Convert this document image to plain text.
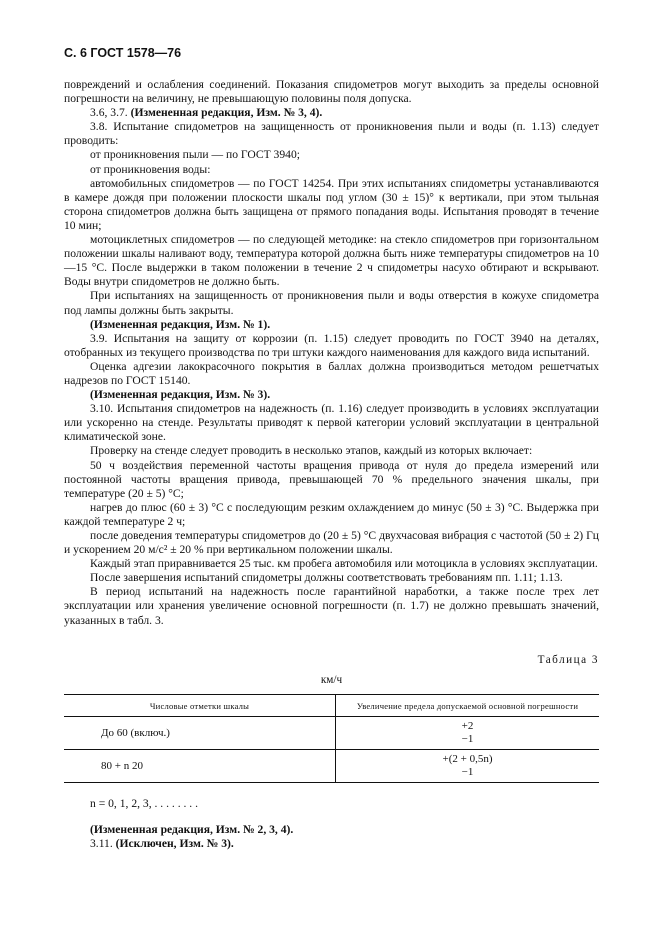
С. 6 ГОСТ 1578—76

повреждений и ослабления соединений. Показания спидометров могут выходить за пределы основной погрешности на величину, не превышающую половины поля допуска.

3.6, 3.7. (Измененная редакция, Изм. № 3, 4).

3.8. Испытание спидометров на защищенность от проникновения пыли и воды (п. 1.13) следует проводить:

от проникновения пыли — по ГОСТ 3940;

от проникновения воды:

автомобильных спидометров — по ГОСТ 14254. При этих испытаниях спидометры устанавливаются в камере дождя при положении плоскости шкалы под углом (30 ± 15)° к вертикали, при этом тыльная сторона спидометров должна быть защищена от прямого попадания воды. Испытания проводят в течение 10 мин;

мотоциклетных спидометров — по следующей методике: на стекло спидометров при горизонтальном положении шкалы наливают воду, температура которой должна быть ниже температуры спидометров на 10—15 °С. После выдержки в таком положении в течение 2 ч спидометры насухо обтирают и вскрывают. Воды внутри спидометров не должно быть.

При испытаниях на защищенность от проникновения пыли и воды отверстия в кожухе спидометра под лампы должны быть закрыты.

(Измененная редакция, Изм. № 1).

3.9. Испытания на защиту от коррозии (п. 1.15) следует проводить по ГОСТ 3940 на деталях, отобранных из текущего производства по три штуки каждого наименования для каждого вида испытаний.

Оценка адгезии лакокрасочного покрытия в баллах должна производиться методом решетчатых надрезов по ГОСТ 15140.

(Измененная редакция, Изм. № 3).

3.10. Испытания спидометров на надежность (п. 1.16) следует производить в условиях эксплуатации или ускоренно на стенде. Результаты приводят к первой категории условий эксплуатации в центральной климатической зоне.

Проверку на стенде следует проводить в несколько этапов, каждый из которых включает:

50 ч воздействия переменной частоты вращения привода от нуля до предела измерений или постоянной частоты вращения привода, превышающей 70 % предельного значения шкалы, при температуре (20 ± 5) °С;

нагрев до плюс (60 ± 3) °С с последующим резким охлаждением до минус (50 ± 3) °С. Выдержка при каждой температуре 2 ч;

после доведения температуры спидометров до (20 ± 5) °С двухчасовая вибрация с частотой (50 ± 2) Гц и ускорением 20 м/с² ± 20 % при вертикальном положении шкалы.

Каждый этап приравнивается 25 тыс. км пробега автомобиля или мотоцикла в условиях эксплуатации.

После завершения испытаний спидометры должны соответствовать требованиям пп. 1.11; 1.13.

В период испытаний на надежность после гарантийной наработки, а также после трех лет эксплуатации или хранения увеличение основной погрешности (п. 1.7) не должно превышать значений, указанных в табл. 3.

Таблица 3
км/ч
Числовые отметки шкалы	Увеличение предела допускаемой основной погрешности
До 60 (включ.)	+2
−1

80 + n 20	+(2 + 0,5n)
−1

n = 0, 1, 2, 3, . . . . . . . .

(Измененная редакция, Изм. № 2, 3, 4).

3.11. (Исключен, Изм. № 3).
